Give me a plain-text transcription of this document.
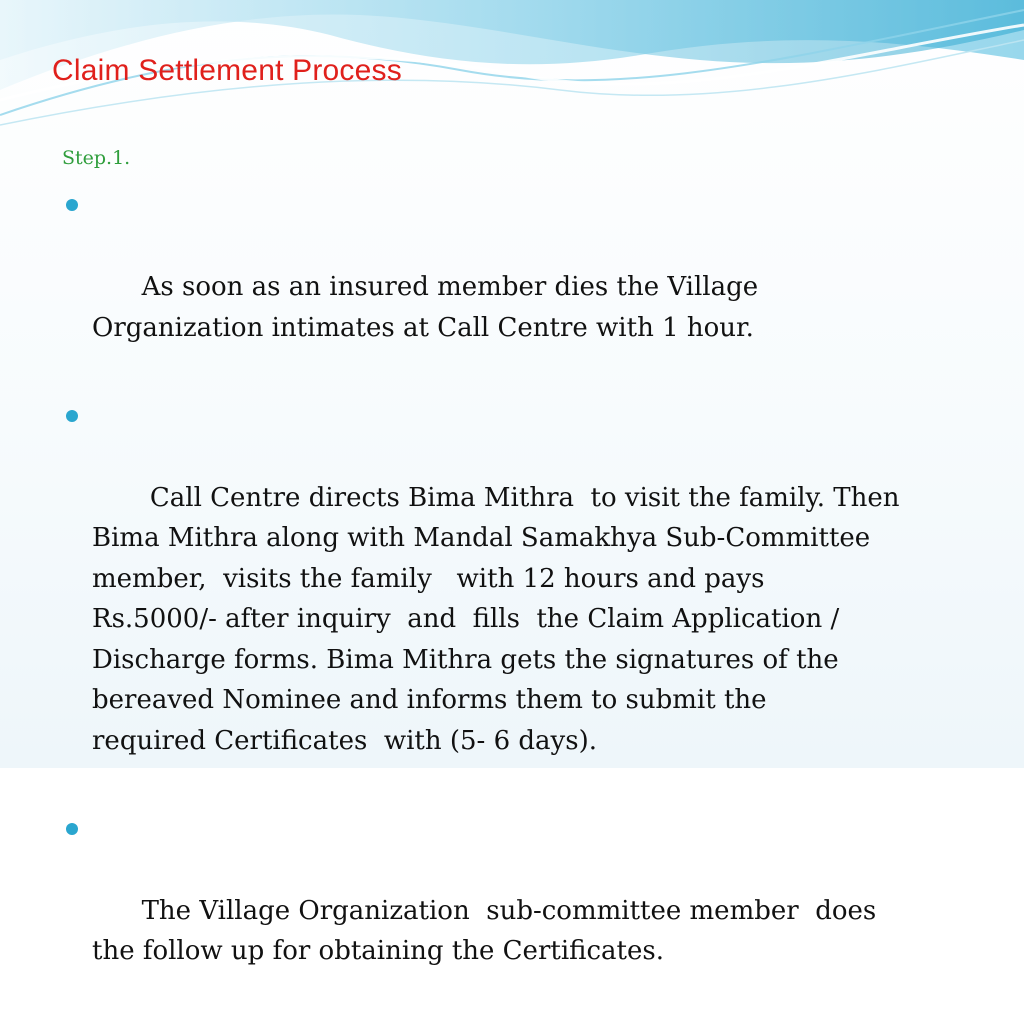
Claim Settlement Process
Step.1.

As soon as an insured member dies the Village
Organization intimates at Call Centre with 1 hour.

Call Centre directs Bima Mithra  to visit the family. Then
Bima Mithra along with Mandal Samakhya Sub-Committee
member,  visits the family   with 12 hours and pays
Rs.5000/- after inquiry  and  fills  the Claim Application /
Discharge forms. Bima Mithra gets the signatures of the
bereaved Nominee and informs them to submit the
required Certificates  with (5- 6 days).

The Village Organization  sub-committee member  does
the follow up for obtaining the Certificates.
